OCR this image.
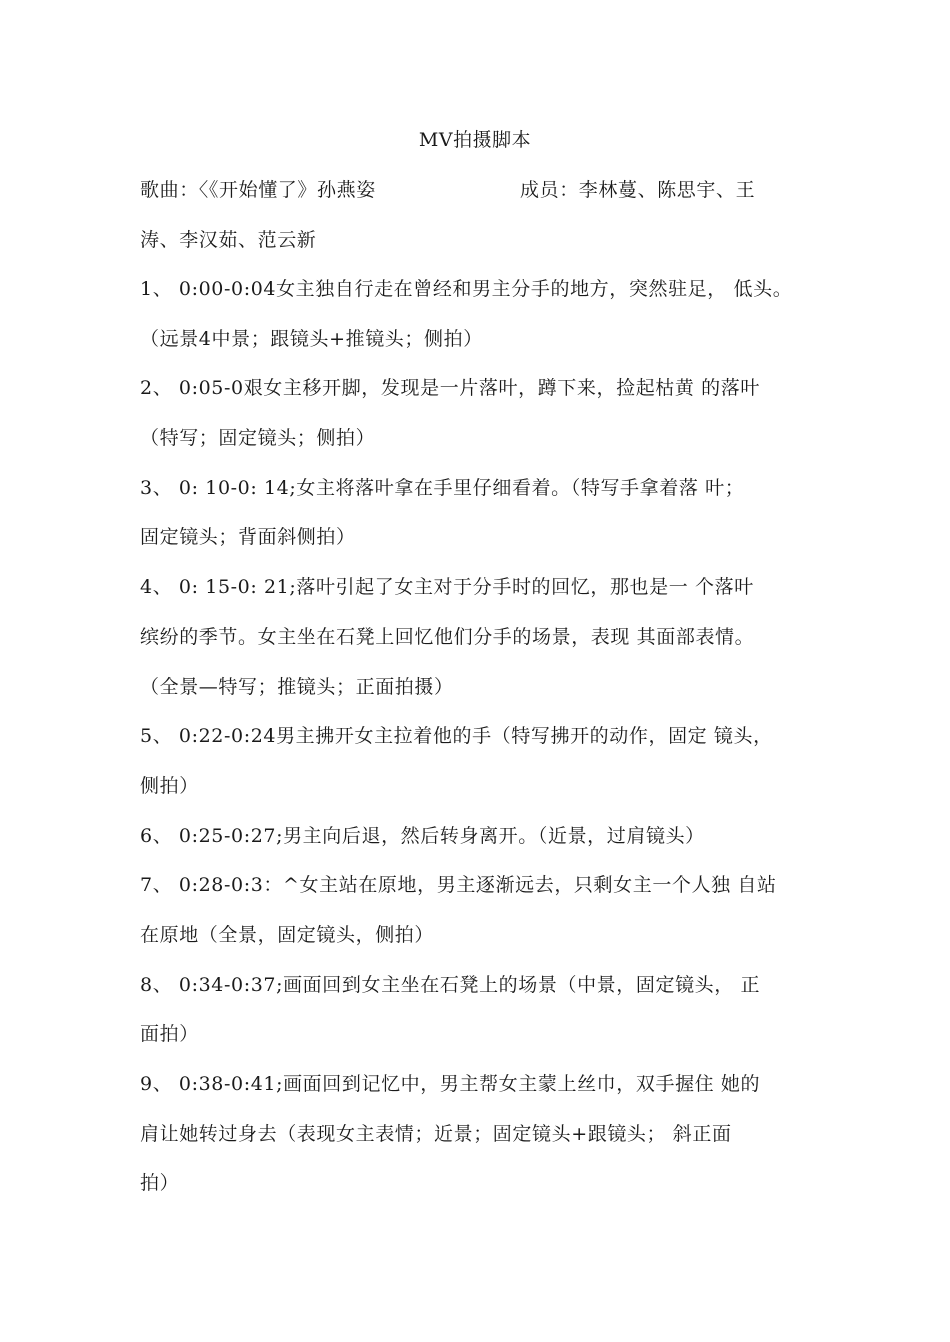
MV拍摄脚本
歌曲：〈《开始懂了》孙燕姿	成员：李林蔓、陈思宇、王
涛、李汉茹、范云新
1、 0:00-0:04女主独自行走在曾经和男主分手的地方，突然驻足， 低头。
（远景4中景；跟镜头+推镜头；侧拍）
2、 0:05-0艰女主移开脚，发现是一片落叶，蹲下来，捡起枯黄 的落叶
（特写；固定镜头；侧拍）
3、 0: 10-0: 14;女主将落叶拿在手里仔细看着。（特写手拿着落 叶；
固定镜头；背面斜侧拍）
4、 0: 15-0: 21;落叶引起了女主对于分手时的回忆，那也是一 个落叶
缤纷的季节。女主坐在石凳上回忆他们分手的场景，表现 其面部表情。
（全景—特写；推镜头；正面拍摄）
5、 0:22-0:24男主拂开女主拉着他的手（特写拂开的动作，固定 镜头，
侧拍）
6、 0:25-0:27;男主向后退，然后转身离开。（近景，过肩镜头）
7、 0:28-0:3：^女主站在原地，男主逐渐远去，只剩女主一个人独 自站
在原地（全景，固定镜头，侧拍）
8、 0:34-0:37;画面回到女主坐在石凳上的场景（中景，固定镜头， 正
面拍）
9、 0:38-0:41;画面回到记忆中，男主帮女主蒙上丝巾，双手握住 她的
肩让她转过身去（表现女主表情；近景；固定镜头+跟镜头； 斜正面
拍）
